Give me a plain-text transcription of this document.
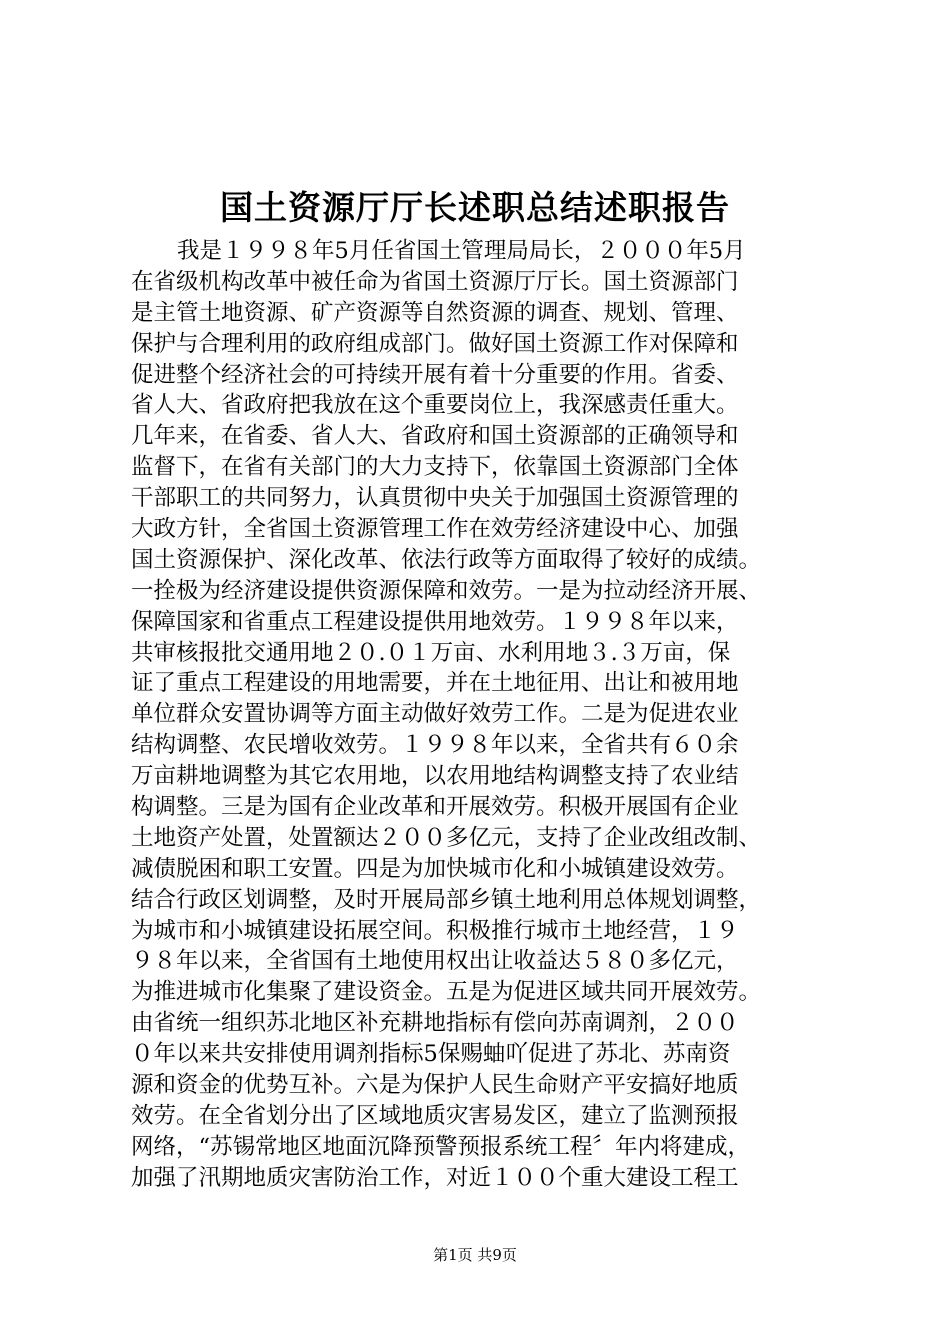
国土资源厅厅长述职总结述职报告
我是１９９８年5月任省国土管理局局长，２０００年5月
在省级机构改革中被任命为省国土资源厅厅长。国土资源部门
是主管土地资源、矿产资源等自然资源的调查、规划、管理、
保护与合理利用的政府组成部门。做好国土资源工作对保障和
促进整个经济社会的可持续开展有着十分重要的作用。省委、
省人大、省政府把我放在这个重要岗位上，我深感责任重大。
几年来，在省委、省人大、省政府和国土资源部的正确领导和
监督下，在省有关部门的大力支持下，依靠国土资源部门全体
干部职工的共同努力，认真贯彻中央关于加强国土资源管理的
大政方针，全省国土资源管理工作在效劳经济建设中心、加强
国土资源保护、深化改革、依法行政等方面取得了较好的成绩。
一拴极为经济建设提供资源保障和效劳。一是为拉动经济开展、
保障国家和省重点工程建设提供用地效劳。１９９８年以来，
共审核报批交通用地２０.０１万亩、水利用地３.３万亩，保
证了重点工程建设的用地需要，并在土地征用、出让和被用地
单位群众安置协调等方面主动做好效劳工作。二是为促进农业
结构调整、农民增收效劳。１９９８年以来，全省共有６０余
万亩耕地调整为其它农用地，以农用地结构调整支持了农业结
构调整。三是为国有企业改革和开展效劳。积极开展国有企业
土地资产处置，处置额达２００多亿元，支持了企业改组改制、
减债脱困和职工安置。四是为加快城市化和小城镇建设效劳。
结合行政区划调整，及时开展局部乡镇土地利用总体规划调整，
为城市和小城镇建设拓展空间。积极推行城市土地经营，１９
９８年以来，全省国有土地使用权出让收益达５８０多亿元，
为推进城市化集聚了建设资金。五是为促进区域共同开展效劳。
由省统一组织苏北地区补充耕地指标有偿向苏南调剂，２００
０年以来共安排使用调剂指标5保赐蚰吖促进了苏北、苏南资
源和资金的优势互补。六是为保护人民生命财产平安搞好地质
效劳。在全省划分出了区域地质灾害易发区，建立了监测预报
网络，“苏锡常地区地面沉降预警预报系统工程〞年内将建成，
加强了汛期地质灾害防治工作，对近１００个重大建设工程工
第1页 共9页
